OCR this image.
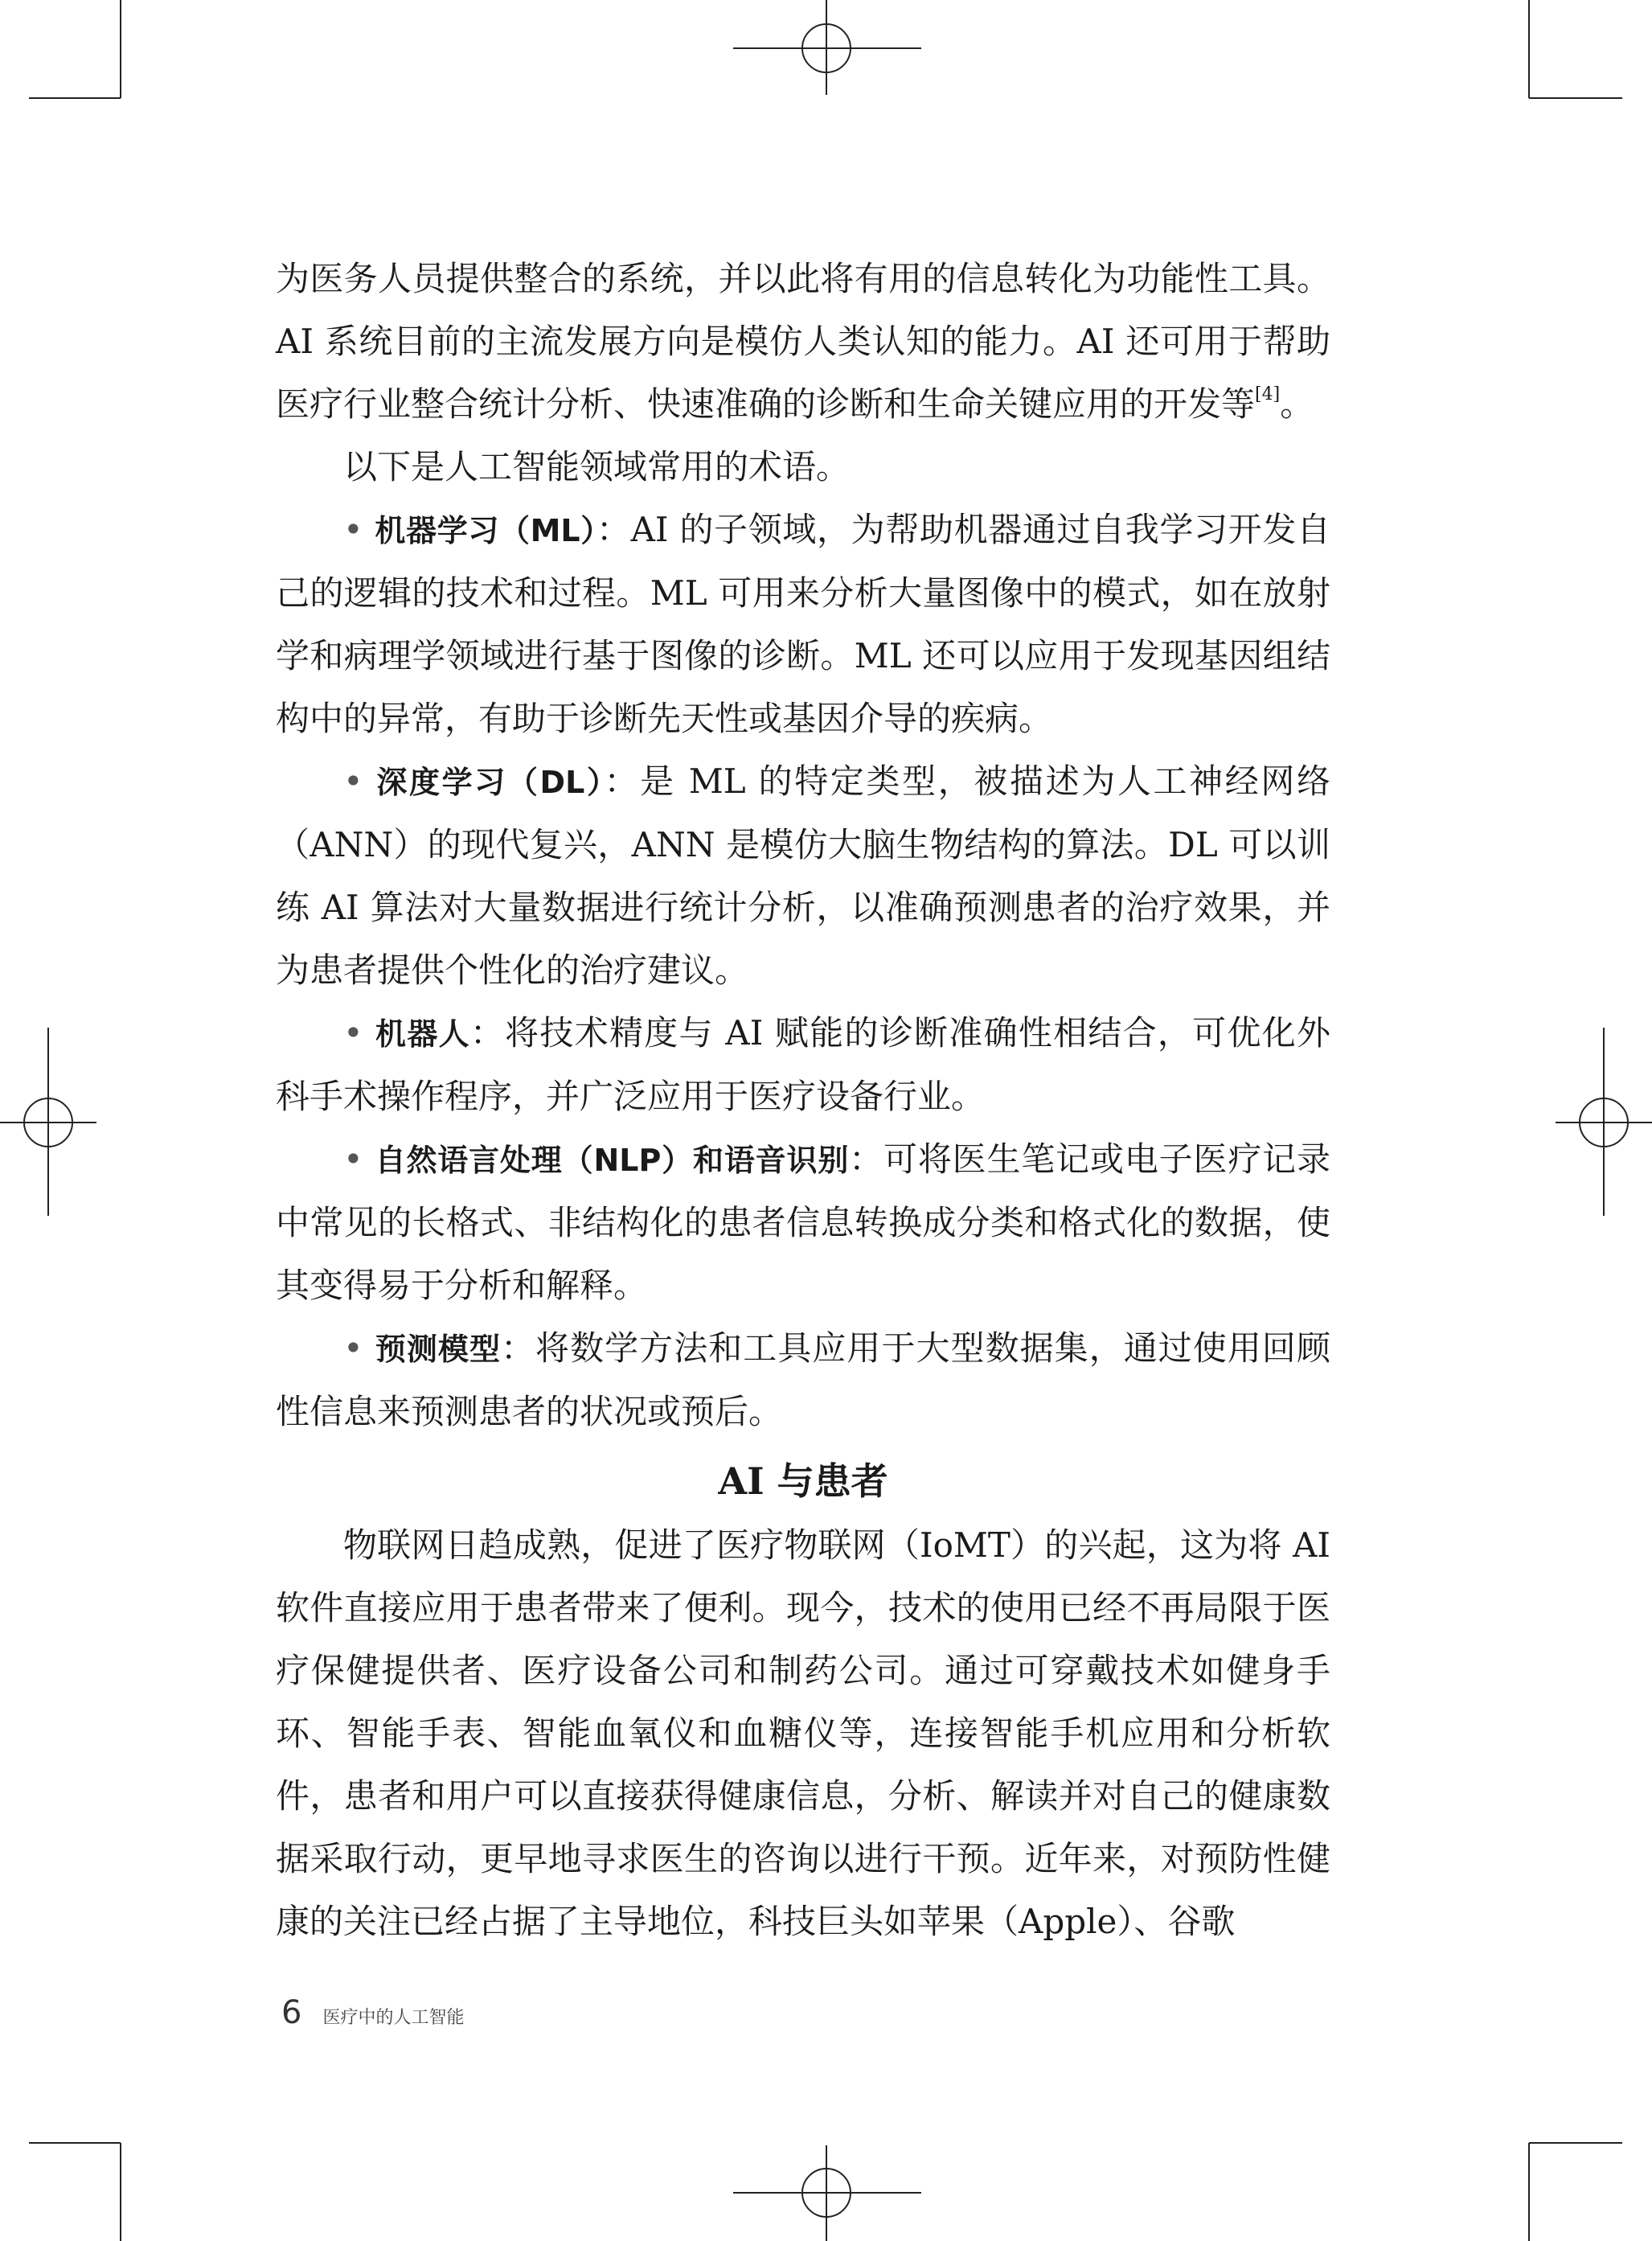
为医务人员提供整合的系统，并以此将有用的信息转化为功能性工具。AI 系统目前的主流发展方向是模仿人类认知的能力。AI 还可用于帮助医疗行业整合统计分析、快速准确的诊断和生命关键应用的开发等[4]。

以下是人工智能领域常用的术语。

• 机器学习（ML）：AI 的子领域，为帮助机器通过自我学习开发自己的逻辑的技术和过程。ML 可用来分析大量图像中的模式，如在放射学和病理学领域进行基于图像的诊断。ML 还可以应用于发现基因组结构中的异常，有助于诊断先天性或基因介导的疾病。

• 深度学习（DL）：是 ML 的特定类型，被描述为人工神经网络（ANN）的现代复兴，ANN 是模仿大脑生物结构的算法。DL 可以训练 AI 算法对大量数据进行统计分析，以准确预测患者的治疗效果，并为患者提供个性化的治疗建议。

• 机器人：将技术精度与 AI 赋能的诊断准确性相结合，可优化外科手术操作程序，并广泛应用于医疗设备行业。

• 自然语言处理（NLP）和语音识别：可将医生笔记或电子医疗记录中常见的长格式、非结构化的患者信息转换成分类和格式化的数据，使其变得易于分析和解释。

• 预测模型：将数学方法和工具应用于大型数据集，通过使用回顾性信息来预测患者的状况或预后。

AI 与患者

物联网日趋成熟，促进了医疗物联网（IoMT）的兴起，这为将 AI 软件直接应用于患者带来了便利。现今，技术的使用已经不再局限于医疗保健提供者、医疗设备公司和制药公司。通过可穿戴技术如健身手环、智能手表、智能血氧仪和血糖仪等，连接智能手机应用和分析软件，患者和用户可以直接获得健康信息，分析、解读并对自己的健康数据采取行动，更早地寻求医生的咨询以进行干预。近年来，对预防性健康的关注已经占据了主导地位，科技巨头如苹果（Apple）、谷歌

6 医疗中的人工智能
